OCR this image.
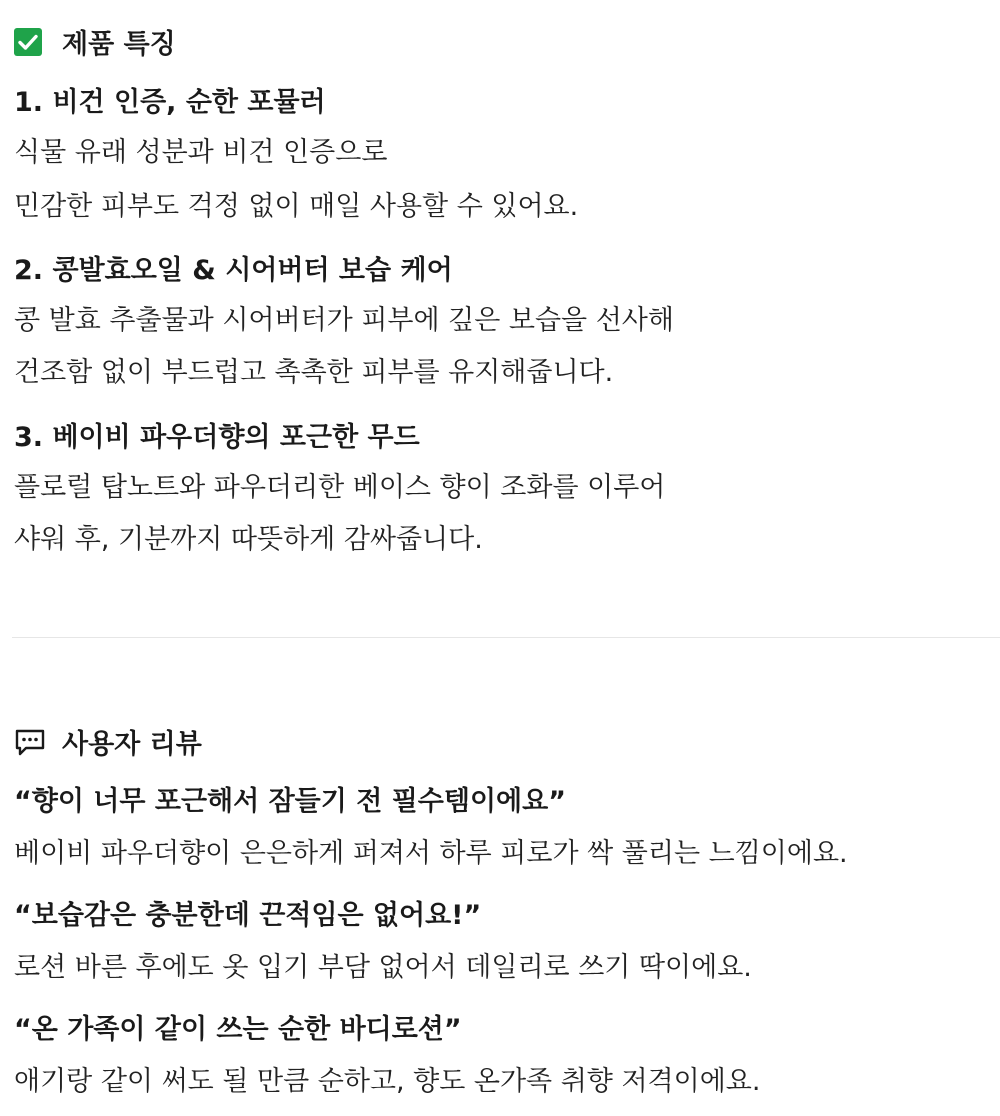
제품 특징

1. 비건 인증, 순한 포뮬러

식물 유래 성분과 비건 인증으로

민감한 피부도 걱정 없이 매일 사용할 수 있어요.

2. 콩발효오일 & 시어버터 보습 케어

콩 발효 추출물과 시어버터가 피부에 깊은 보습을 선사해

건조함 없이 부드럽고 촉촉한 피부를 유지해줍니다.

3. 베이비 파우더향의 포근한 무드

플로럴 탑노트와 파우더리한 베이스 향이 조화를 이루어

샤워 후, 기분까지 따뜻하게 감싸줍니다.

사용자 리뷰

“향이 너무 포근해서 잠들기 전 필수템이에요”

베이비 파우더향이 은은하게 퍼져서 하루 피로가 싹 풀리는 느낌이에요.

“보습감은 충분한데 끈적임은 없어요!”

로션 바른 후에도 옷 입기 부담 없어서 데일리로 쓰기 딱이에요.

“온 가족이 같이 쓰는 순한 바디로션”

애기랑 같이 써도 될 만큼 순하고, 향도 온가족 취향 저격이에요.
